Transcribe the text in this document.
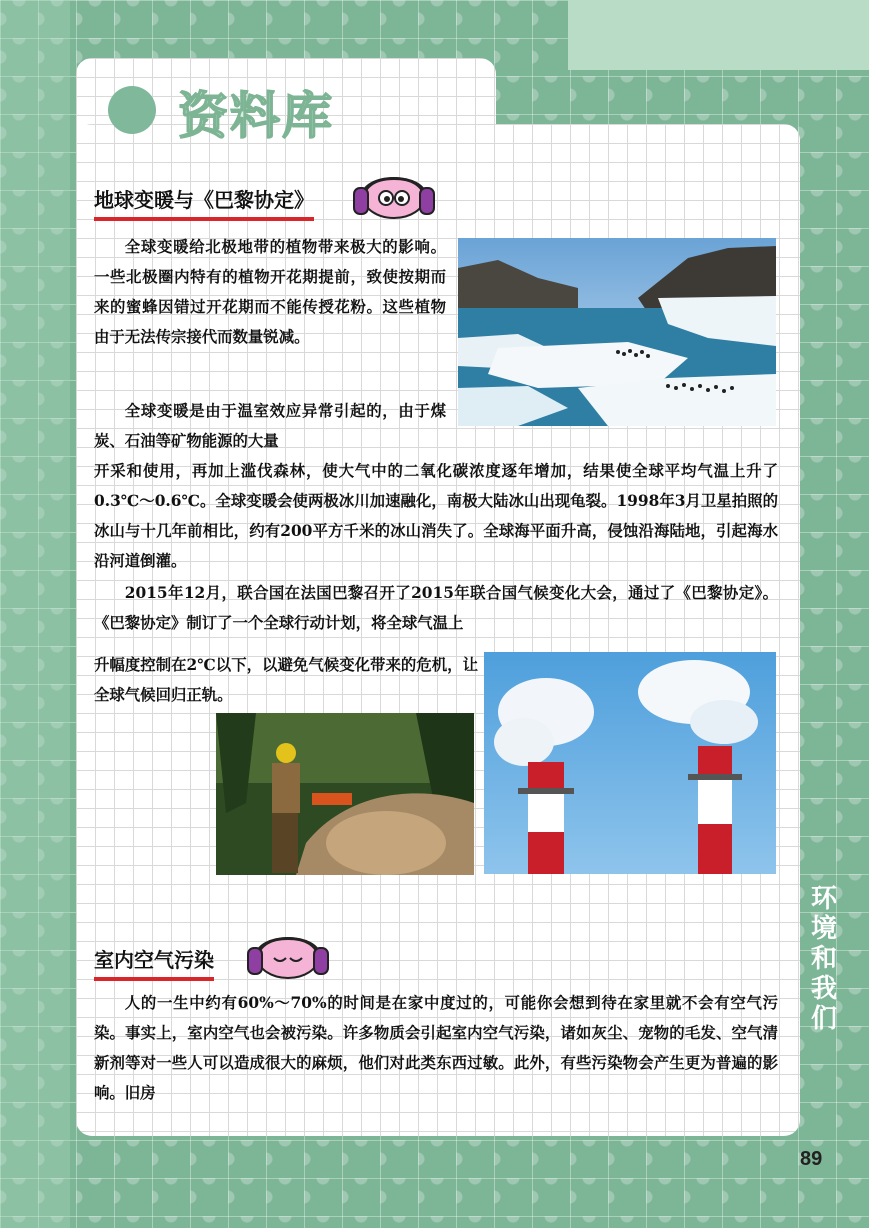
资料库
地球变暖与《巴黎协定》

全球变暖给北极地带的植物带来极大的影响。一些北极圈内特有的植物开花期提前，致使按期而来的蜜蜂因错过开花期而不能传授花粉。这些植物由于无法传宗接代而数量锐减。

全球变暖是由于温室效应异常引起的，由于煤炭、石油等矿物能源的大量

开采和使用，再加上滥伐森林，使大气中的二氧化碳浓度逐年增加，结果使全球平均气温上升了0.3℃～0.6℃。全球变暖会使两极冰川加速融化，南极大陆冰山出现龟裂。1998年3月卫星拍照的冰山与十几年前相比，约有200平方千米的冰山消失了。全球海平面升高，侵蚀沿海陆地，引起海水沿河道倒灌。

2015年12月，联合国在法国巴黎召开了2015年联合国气候变化大会，通过了《巴黎协定》。《巴黎协定》制订了一个全球行动计划，将全球气温上

升幅度控制在2℃以下，以避免气候变化带来的危机，让全球气候回归正轨。

室内空气污染

人的一生中约有60%～70%的时间是在家中度过的，可能你会想到待在家里就不会有空气污染。事实上，室内空气也会被污染。许多物质会引起室内空气污染，诸如灰尘、宠物的毛发、空气清新剂等对一些人可以造成很大的麻烦，他们对此类东西过敏。此外，有些污染物会产生更为普遍的影响。旧房

环境和我们
89
